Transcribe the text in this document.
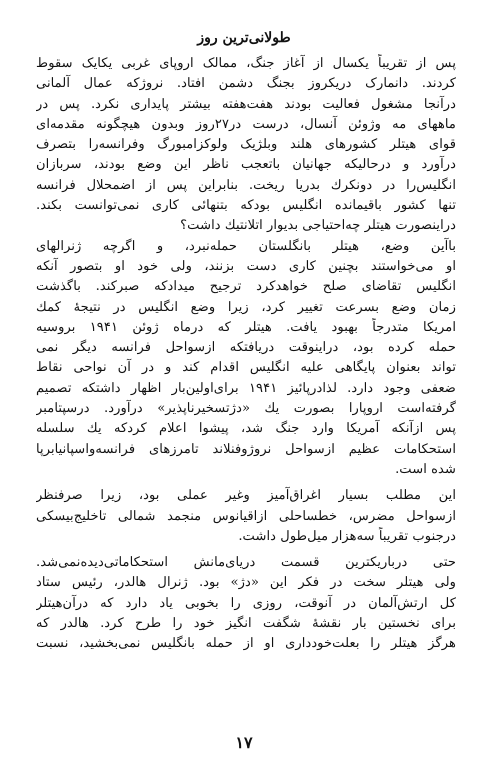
طولانی‌ترین روز
پس از تقریباً یکسال از آغاز جنگ، ممالک اروپای غربی یکایک سقوط
کردند. دانمارک دریکروز بجنگ دشمن افتاد. نروژکه عمال آلمانی
درآنجا مشغول فعالیت بودند هفت‌هفته بیشتر پایداری نکرد. پس در
ماههای مه وژوئن آنسال، درست در۲۷روز وبدون هیچگونه مقدمه‌ای
قوای هیتلر کشورهای هلند وبلژیک ولوکزامبورگ وفرانسه‌را بتصرف
درآورد و درحالیکه جهانیان باتعجب ناظر این وضع بودند، سربازان
انگلیس‌را در دونکرك بدریا ریخت. بنابراین پس از اضمحلال فرانسه
تنها کشور باقیمانده انگلیس بودکه بتنهائی کاری نمی‌توانست بکند.
دراینصورت هیتلر چه‌احتیاجی بدیوار اتلانتیك داشت؟
باآین وضع، هیتلر بانگلستان حمله‌نبرد، و اگرچه ژنرالهای
او می‌خواستند بچنین کاری دست بزنند، ولی خود او بتصور آنکه
انگلیس تقاضای صلح خواهدکرد ترجیح میدادکه صبرکند. باگذشت
زمان وضع بسرعت تغییر کرد، زیرا وضع انگلیس در نتیجهٔ کمك
امریکا متدرجاً بهبود یافت. هیتلر که درماه ژوئن ۱۹۴۱ بروسیه
حمله کرده بود، دراینوقت دریافتکه ازسواحل فرانسه دیگر نمی‌
تواند بعنوان پایگاهی علیه انگلیس اقدام کند و در آن نواحی نقاط
ضعفی وجود دارد. لذادرپائیز ۱۹۴۱ برای‌اولین‌بار اظهار داشتکه تصمیم
گرفته‌است اروپارا بصورت یك «دژتسخیرناپذیر» درآورد. درسپتامبر
پس ازآنکه آمریکا وارد جنگ شد، پیشوا اعلام کردکه یك سلسله
استحکامات عظیم ازسواحل نروژوفنلاند تامرزهای فرانسه‌واسپانیابرپا
شده است.
این مطلب بسیار اغراق‌آمیز وغیر عملی بود، زیرا صرفنظر
ازسواحل مضرس، خطساحلی ازاقیانوس منجمد شمالی تاخلیج‌بیسکی
درجنوب تقریباً سه‌هزار میل‌طول داشت.
حتی درباریکترین قسمت دریای‌مانش استحکاماتی‌دیده‌نمی‌شد.
ولی هیتلر سخت در فکر این «دژ» بود. ژنرال هالدر، رئیس ستاد
کل ارتش‌آلمان در آنوقت، روزی را بخوبی یاد دارد که درآن‌هیتلر
برای نخستین بار نقشهٔ شگفت انگیز خود را طرح کرد. هالدر که
هرگز هیتلر را بعلت‌خودداری او از حمله بانگلیس نمی‌بخشید، نسبت
۱۷
